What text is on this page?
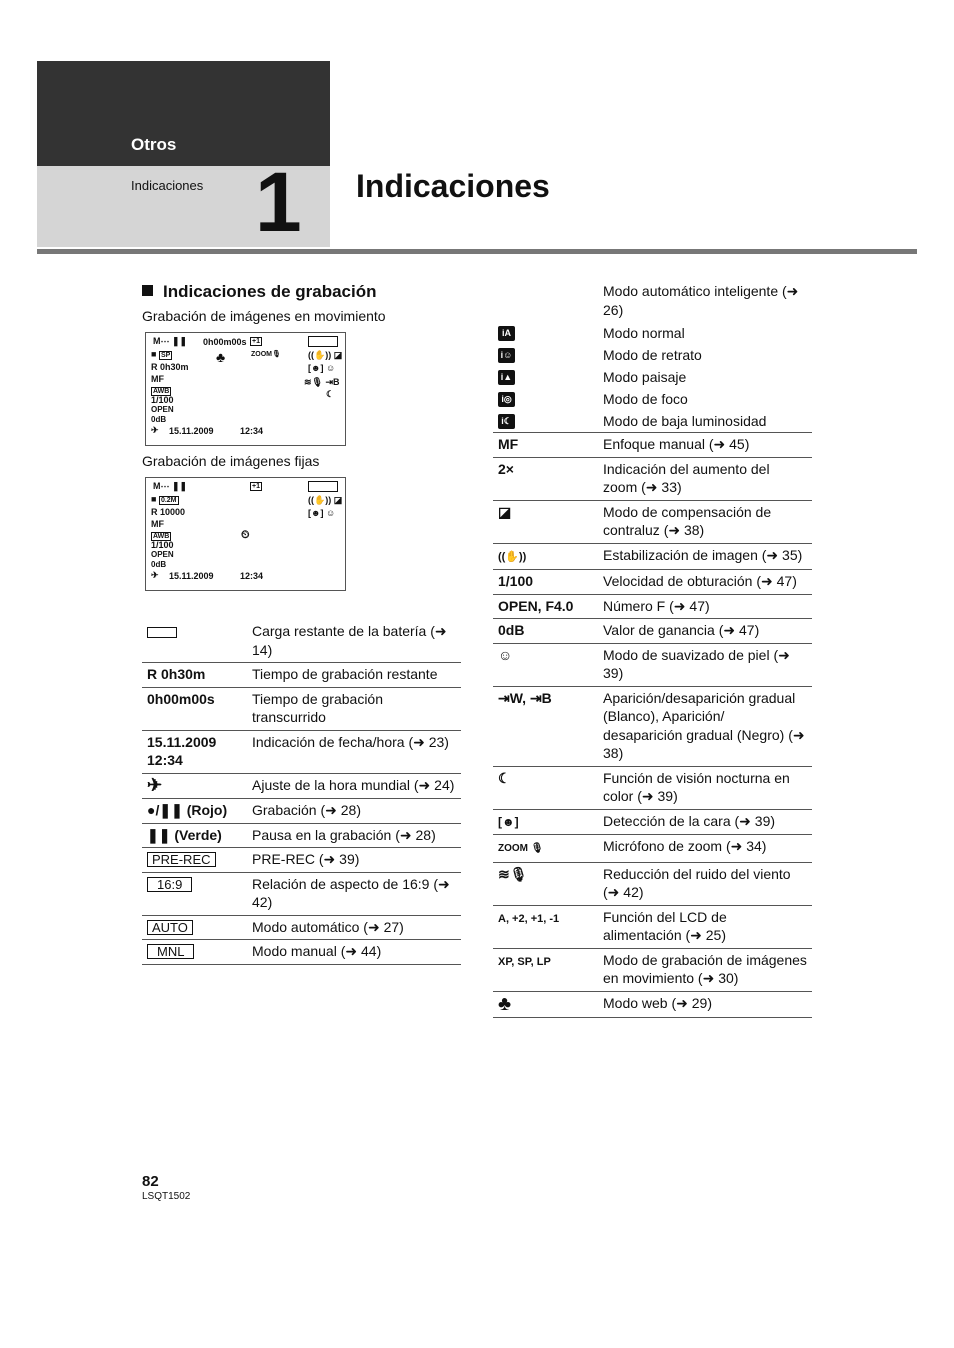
Otros
Indicaciones 1 Indicaciones
Indicaciones de grabación
Grabación de imágenes en movimiento
M⋯ ❚❚ 0h00m00s +1
■ SP	♣	ZOOM🎙	((✋)) ◪
R 0h30m	[☻] ☺
MF	≋🎙 ⇥B
AWB	☾
1/100
OPEN
0dB
✈ 15.11.2009	12:34
Grabación de imágenes fijas
M⋯ ❚❚	+1
■ 0.2M	((✋)) ◪
R 10000	[☻] ☺
MF
AWB	⏲
1/100
OPEN
0dB
✈ 15.11.2009	12:34
	Carga restante de la batería (➜ 14)
R 0h30m	Tiempo de grabación restante
0h00m00s	Tiempo de grabación transcurrido
15.11.2009 12:34	Indicación de fecha/hora (➜ 23)
✈	Ajuste de la hora mundial (➜ 24)
●/❚❚ (Rojo)	Grabación (➜ 28)
❚❚ (Verde)	Pausa en la grabación (➜ 28)
PRE-REC	PRE-REC (➜ 39)
16:9	Relación de aspecto de 16:9 (➜ 42)
AUTO	Modo automático (➜ 27)
MNL	Modo manual (➜ 44)
	Modo automático inteligente (➜ 26)
iA	Modo normal
i☺	Modo de retrato
i▲	Modo paisaje
i◎	Modo de foco
i☾	Modo de baja luminosidad
MF	Enfoque manual (➜ 45)
2×	Indicación del aumento del zoom (➜ 33)
◪	Modo de compensación de contraluz (➜ 38)
((✋))	Estabilización de imagen (➜ 35)
1/100	Velocidad de obturación (➜ 47)
OPEN, F4.0	Número F (➜ 47)
0dB	Valor de ganancia (➜ 47)
☺	Modo de suavizado de piel (➜ 39)
⇥W, ⇥B	Aparición/desaparición gradual (Blanco), Aparición/ desaparición gradual (Negro) (➜ 38)
☾	Función de visión nocturna en color (➜ 39)
[☻]	Detección de la cara (➜ 39)
ZOOM 🎙	Micrófono de zoom (➜ 34)
≋🎙	Reducción del ruido del viento (➜ 42)
A, +2, +1, -1	Función del LCD de alimentación (➜ 25)
XP, SP, LP	Modo de grabación de imágenes en movimiento (➜ 30)
♣	Modo web (➜ 29)
82
LSQT1502
